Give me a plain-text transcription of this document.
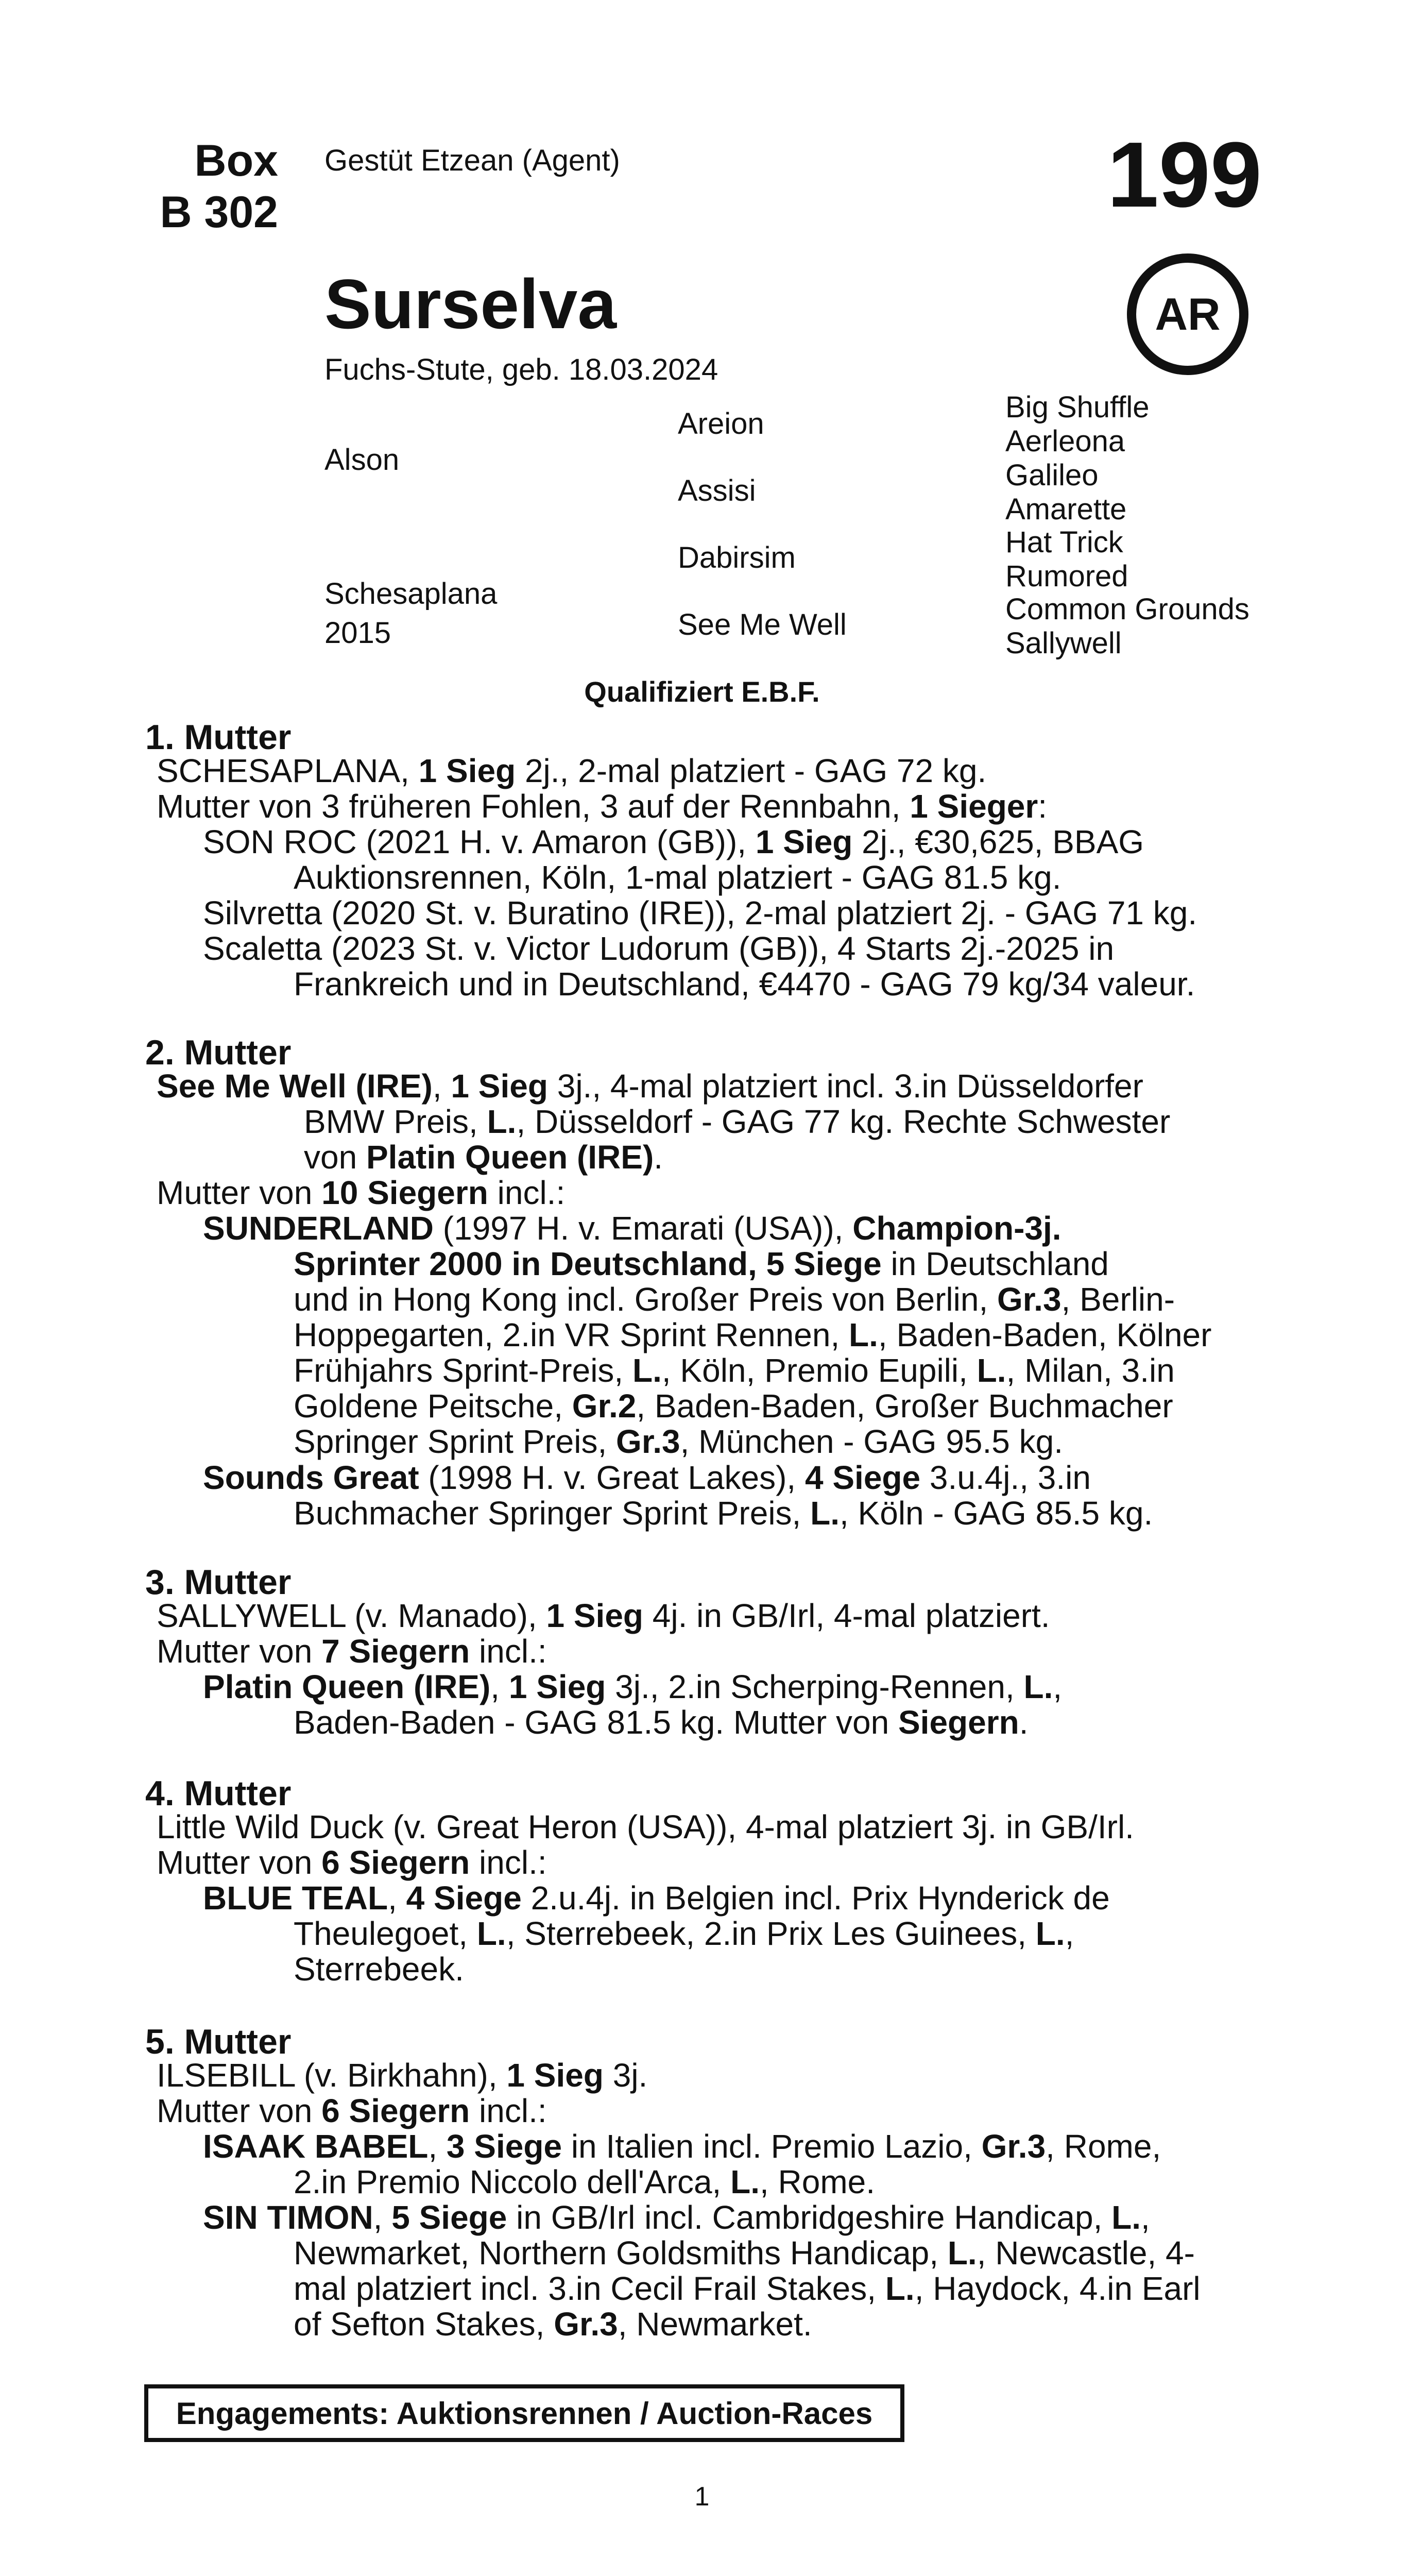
Box
B 302
Gestüt Etzean (Agent)	199
Surselva	AR
Fuchs-Stute, geb. 18.03.2024
Alson
Schesaplana
2015
Areion
Assisi
Dabirsim
See Me Well
Big Shuffle
Aerleona
Galileo
Amarette
Hat Trick
Rumored
Common Grounds
Sallywell
Qualifiziert E.B.F.
1. Mutter
SCHESAPLANA, 1 Sieg 2j., 2-mal platziert - GAG 72 kg.
Mutter von 3 früheren Fohlen, 3 auf der Rennbahn, 1 Sieger:
SON ROC (2021 H. v. Amaron (GB)), 1 Sieg 2j., €30,625, BBAG
Auktionsrennen, Köln, 1-mal platziert - GAG 81.5 kg.
Silvretta (2020 St. v. Buratino (IRE)), 2-mal platziert 2j. - GAG 71 kg.
Scaletta (2023 St. v. Victor Ludorum (GB)), 4 Starts 2j.-2025 in
Frankreich und in Deutschland, €4470 - GAG 79 kg/34 valeur.
2. Mutter
See Me Well (IRE), 1 Sieg 3j., 4-mal platziert incl. 3.in Düsseldorfer
BMW Preis, L., Düsseldorf - GAG 77 kg. Rechte Schwester
von Platin Queen (IRE).
Mutter von 10 Siegern incl.:
SUNDERLAND (1997 H. v. Emarati (USA)), Champion-3j.
Sprinter 2000 in Deutschland, 5 Siege in Deutschland
und in Hong Kong incl. Großer Preis von Berlin, Gr.3, Berlin-
Hoppegarten, 2.in VR Sprint Rennen, L., Baden-Baden, Kölner
Frühjahrs Sprint-Preis, L., Köln, Premio Eupili, L., Milan, 3.in
Goldene Peitsche, Gr.2, Baden-Baden, Großer Buchmacher
Springer Sprint Preis, Gr.3, München - GAG 95.5 kg.
Sounds Great (1998 H. v. Great Lakes), 4 Siege 3.u.4j., 3.in
Buchmacher Springer Sprint Preis, L., Köln - GAG 85.5 kg.
3. Mutter
SALLYWELL (v. Manado), 1 Sieg 4j. in GB/Irl, 4-mal platziert.
Mutter von 7 Siegern incl.:
Platin Queen (IRE), 1 Sieg 3j., 2.in Scherping-Rennen, L.,
Baden-Baden - GAG 81.5 kg. Mutter von Siegern.
4. Mutter
Little Wild Duck (v. Great Heron (USA)), 4-mal platziert 3j. in GB/Irl.
Mutter von 6 Siegern incl.:
BLUE TEAL, 4 Siege 2.u.4j. in Belgien incl. Prix Hynderick de
Theulegoet, L., Sterrebeek, 2.in Prix Les Guinees, L.,
Sterrebeek.
5. Mutter
ILSEBILL (v. Birkhahn), 1 Sieg 3j.
Mutter von 6 Siegern incl.:
ISAAK BABEL, 3 Siege in Italien incl. Premio Lazio, Gr.3, Rome,
2.in Premio Niccolo dell'Arca, L., Rome.
SIN TIMON, 5 Siege in GB/Irl incl. Cambridgeshire Handicap, L.,
Newmarket, Northern Goldsmiths Handicap, L., Newcastle, 4-
mal platziert incl. 3.in Cecil Frail Stakes, L., Haydock, 4.in Earl
of Sefton Stakes, Gr.3, Newmarket.
Engagements: Auktionsrennen / Auction-Races
1
